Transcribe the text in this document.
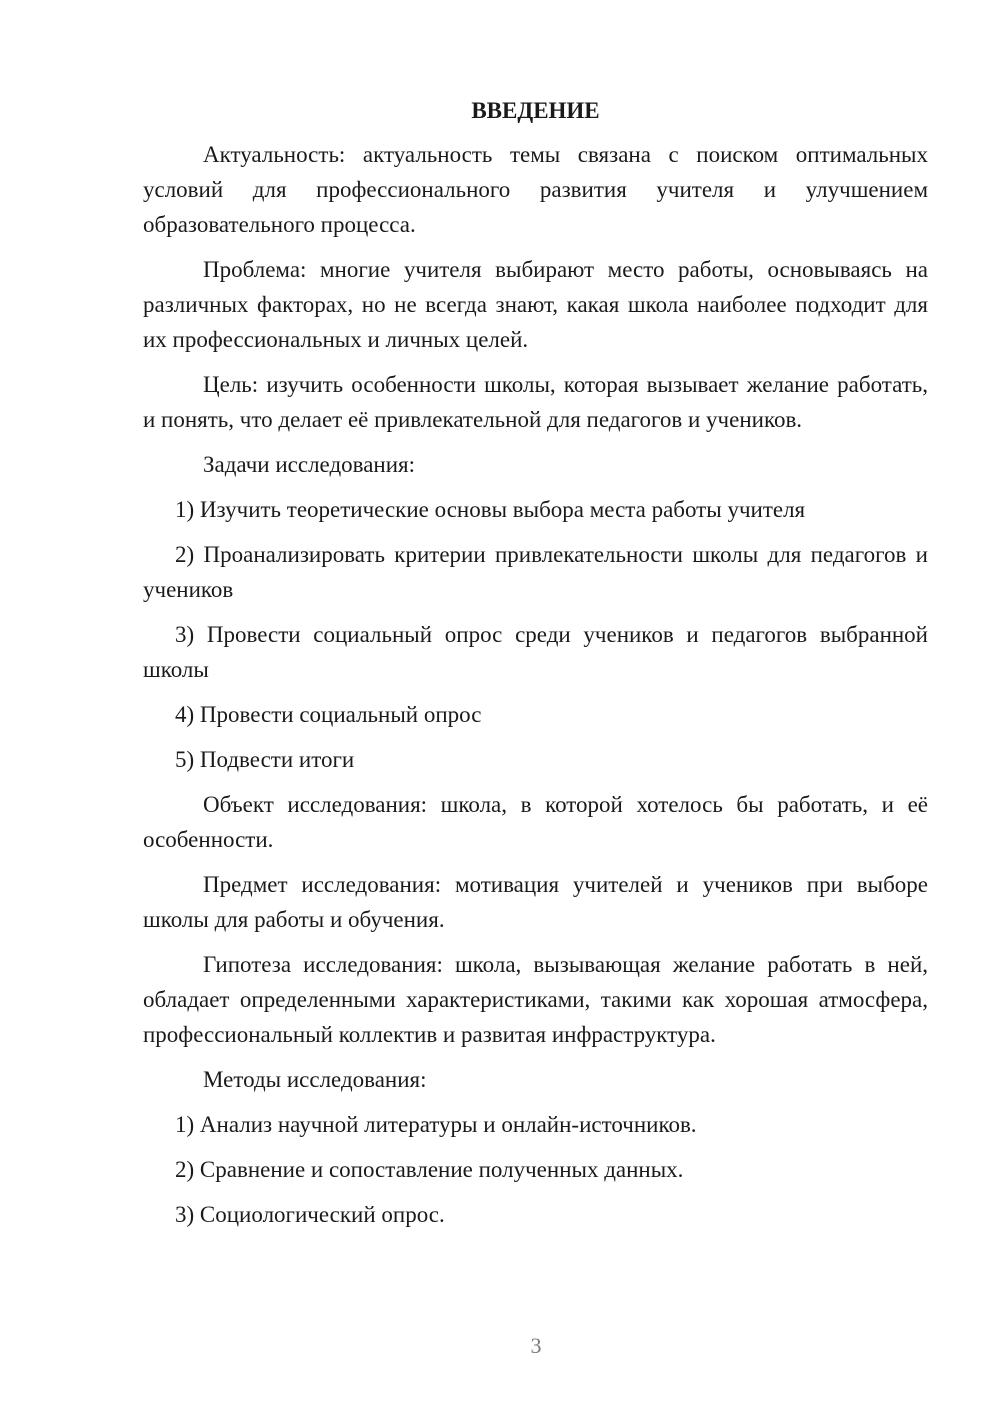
ВВЕДЕНИЕ

Актуальность: актуальность темы связана с поиском оптимальных условий для профессионального развития учителя и улучшением образовательного процесса.

Проблема: многие учителя выбирают место работы, основываясь на различных факторах, но не всегда знают, какая школа наиболее подходит для их профессиональных и личных целей.

Цель: изучить особенности школы, которая вызывает желание работать, и понять, что делает её привлекательной для педагогов и учеников.

Задачи исследования:

1) Изучить теоретические основы выбора места работы учителя

2) Проанализировать критерии привлекательности школы для педагогов и учеников

3) Провести социальный опрос среди учеников и педагогов выбранной школы

4) Провести социальный опрос

5) Подвести итоги

Объект исследования: школа, в которой хотелось бы работать, и её особенности.

Предмет исследования: мотивация учителей и учеников при выборе школы для работы и обучения.

Гипотеза исследования: школа, вызывающая желание работать в ней, обладает определенными характеристиками, такими как хорошая атмосфера, профессиональный коллектив и развитая инфраструктура.

Методы исследования:

1) Анализ научной литературы и онлайн-источников.

2) Сравнение и сопоставление полученных данных.

3) Социологический опрос.

3
